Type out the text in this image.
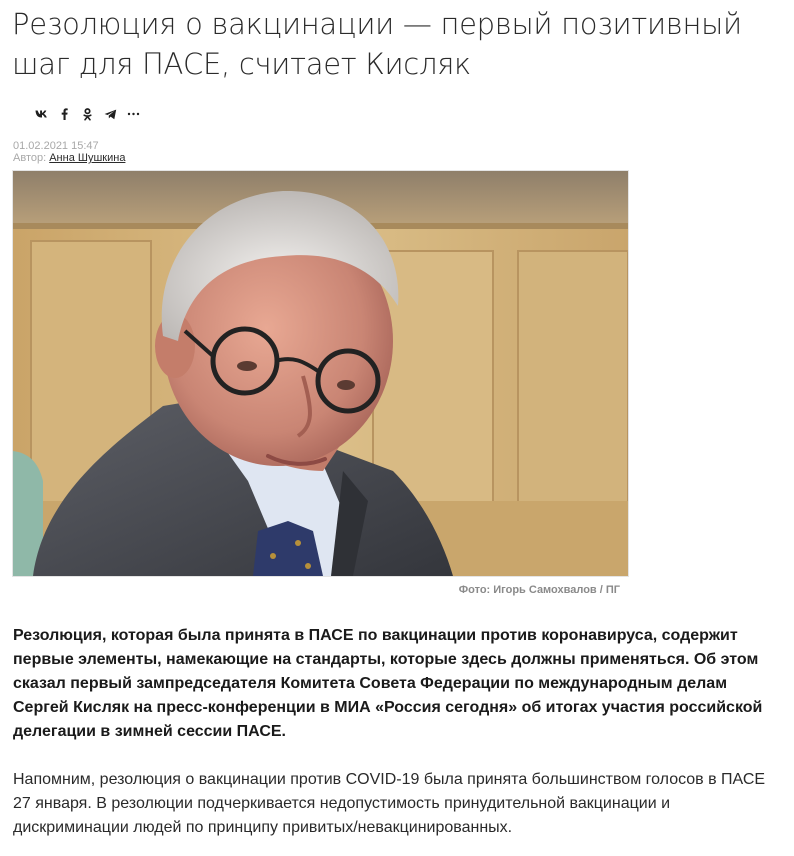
Резолюция о вакцинации — первый позитивный шаг для ПАСЕ, считает Кисляк
01.02.2021 15:47
Автор: Анна Шушкина
Фото: Игорь Самохвалов / ПГ

Резолюция, которая была принята в ПАСЕ по вакцинации против коронавируса, содержит первые элементы, намекающие на стандарты, которые здесь должны применяться. Об этом сказал первый зампредседателя Комитета Совета Федерации по международным делам Сергей Кисляк на пресс-конференции в МИА «Россия сегодня» об итогах участия российской делегации в зимней сессии ПАСЕ.

Напомним, резолюция о вакцинации против COVID-19 была принята большинством голосов в ПАСЕ 27 января. В резолюции подчеркивается недопустимость принудительной вакцинации и дискриминации людей по принципу привитых/невакцинированных.
